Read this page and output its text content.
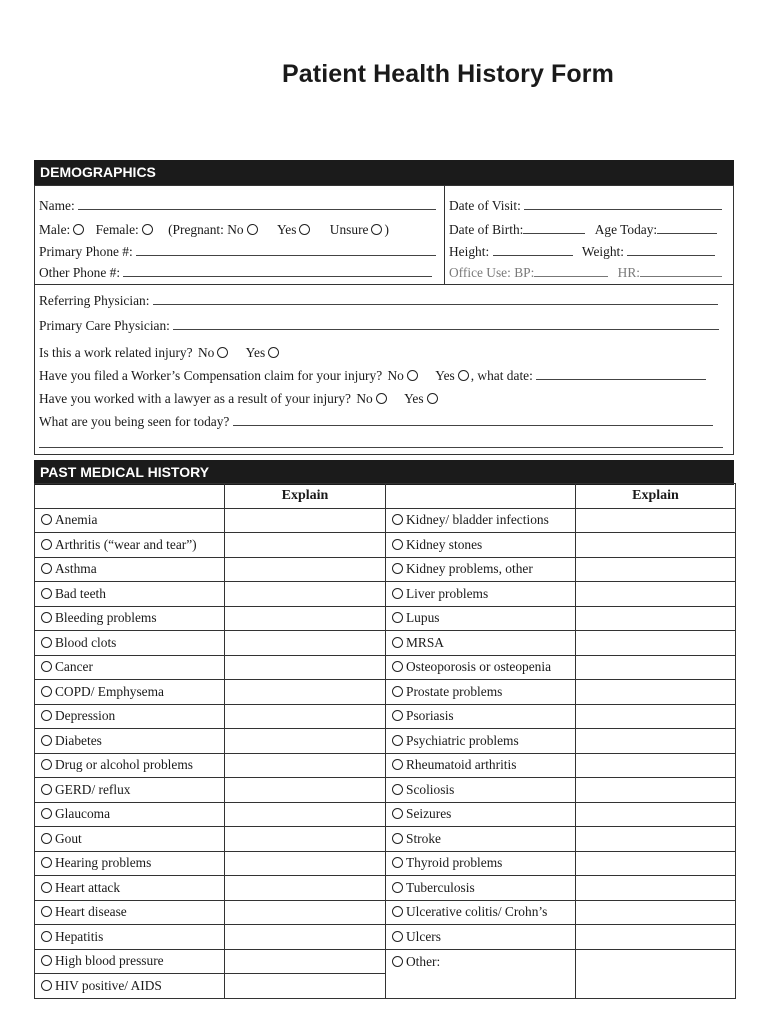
Patient Health History Form
DEMOGRAPHICS
Name:
Male: Female: (Pregnant: No Yes Unsure )
Primary Phone #:
Other Phone #:
Date of Visit:
Date of Birth:	Age Today:
Height:	Weight:
Office Use: BP:	HR:
Referring Physician:
Primary Care Physician:
Is this a work related injury? No Yes
Have you filed a Worker’s Compensation claim for your injury? No Yes , what date:
Have you worked with a lawyer as a result of your injury? No Yes
What are you being seen for today?
PAST MEDICAL HISTORY
	Explain		Explain
Anemia		Kidney/ bladder infections	
Arthritis (“wear and tear”)		Kidney stones	
Asthma		Kidney problems, other	
Bad teeth		Liver problems	
Bleeding problems		Lupus	
Blood clots		MRSA	
Cancer		Osteoporosis or osteopenia	
COPD/ Emphysema		Prostate problems	
Depression		Psoriasis	
Diabetes		Psychiatric problems	
Drug or alcohol problems		Rheumatoid arthritis	
GERD/ reflux		Scoliosis	
Glaucoma		Seizures	
Gout		Stroke	
Hearing problems		Thyroid problems	
Heart attack		Tuberculosis	
Heart disease		Ulcerative colitis/ Crohn’s	
Hepatitis		Ulcers	
High blood pressure		Other:	
HIV positive/ AIDS			
